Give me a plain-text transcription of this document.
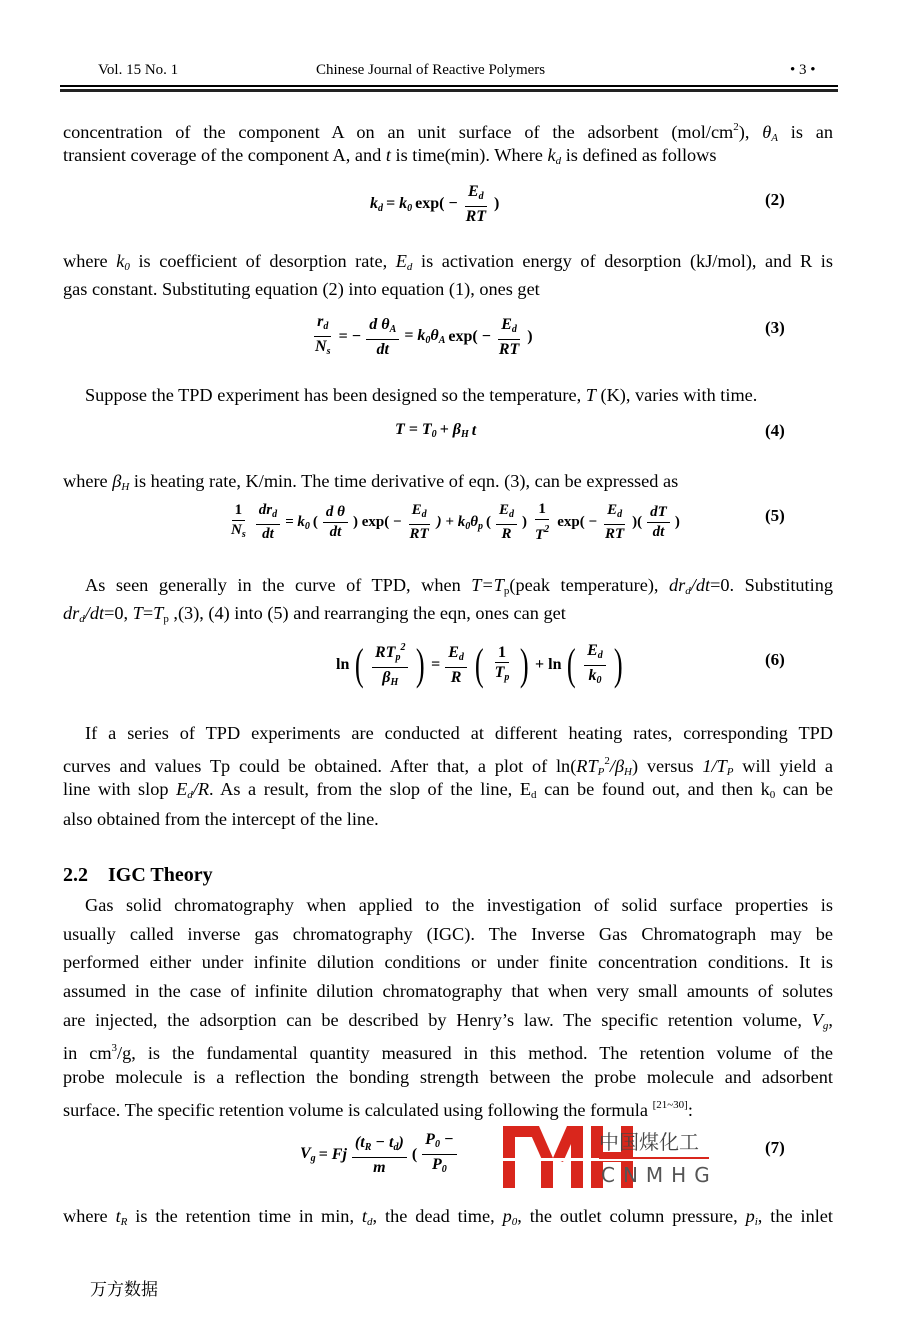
Vol. 15 No. 1	Chinese Journal of Reactive Polymers	• 3 •
concentration of the component A on an unit surface of the adsorbent $(mol/cm^2)$, $\theta_A$ is an
transient coverage of the component A, and t is time(min). Where $k_d$ is defined as follows
$k_d = k_0$ $\exp( - \frac{E_d}{RT}$ )	(2)
where $k_0$ is coefficient of desorption rate, $E_d$ is activation energy of desorption (kJ/mol), and R is
gas constant. Substituting equation (2) into equation (1), ones get
$\frac{r_d}{N_s}$ = − $\frac{d \theta_A}{dt} = k_0\theta_A$ $\exp( - \frac{E_d}{RT}$ )	(3)
Suppose the TPD experiment has been designed so the temperature, T (K), varies with time.
$T = T_0 + \beta_H$ t	(4)
where $\beta_H$ is heating rate, K/min. The time derivative of eqn. (3), can be expressed as
$\frac{1}{N_s} \frac{dr_d}{dt} = k_0$ ( $\frac{\text{d θ}}{dt}$ ) $\exp( - \frac{E_d}{RT}$ ) + $k_0\theta_p$ ( $\frac{E_d}{R}$ ) $\frac{1}{T^2} \exp( - \frac{E_d}{RT}$ )( $\frac{dT}{dt}$ )	(5)
As seen generally in the curve of TPD, when $T=T_p(peak$ temperature), $dr_d/dt=0$. Substituting
$dr_d/dt=0$, $T=T_p$ ,(3), (4) into (5) and rearranging the eqn, ones can get
ln ( $\frac{RT_p^2}{\beta_H}$ ) = $\frac{E_d}{R}$ ( $\frac{1}{T_p}$ ) + ln ( $\frac{E_d}{k_0}$ )	(6)
If a series of TPD experiments are conducted at different heating rates, corresponding TPD
curves and values Tp could be obtained. After that, a plot of $\ln(RT_P^2/\beta_H)$ versus $1/T_P$ will yield a
line with slop $E_d/R$. As a result, from the slop of the line, $E_d$ can be found out, and then $k_0$ can be
also obtained from the intercept of the line.
2.2 IGC Theory
Gas solid chromatography when applied to the investigation of solid surface properties is
usually called inverse gas chromatography (IGC). The Inverse Gas Chromatograph may be
performed either under infinite dilution conditions or under finite concentration conditions. It is
assumed in the case of infinite dilution chromatography that when very small amounts of solutes
are injected, the adsorption can be described by Henry’s law. The specific retention volume, $V_g$,
in $cm^3/g$, is the fundamental quantity measured in this method. The retention volume of the
probe molecule is a reflection the bonding strength between the probe molecule and adsorbent
surface. The specific retention volume is calculated using following the formula [21~30]:
$V_g = Fj \frac{(t_R - t_d)}{m}$ ( $\frac{P_0 -}{P_0}$	(7)
中国煤化工
CNMHG
where $t_R$ is the retention time in min, $t_d$, the dead time, $p_0$, the outlet column pressure, $p_i$, the inlet
万方数据
